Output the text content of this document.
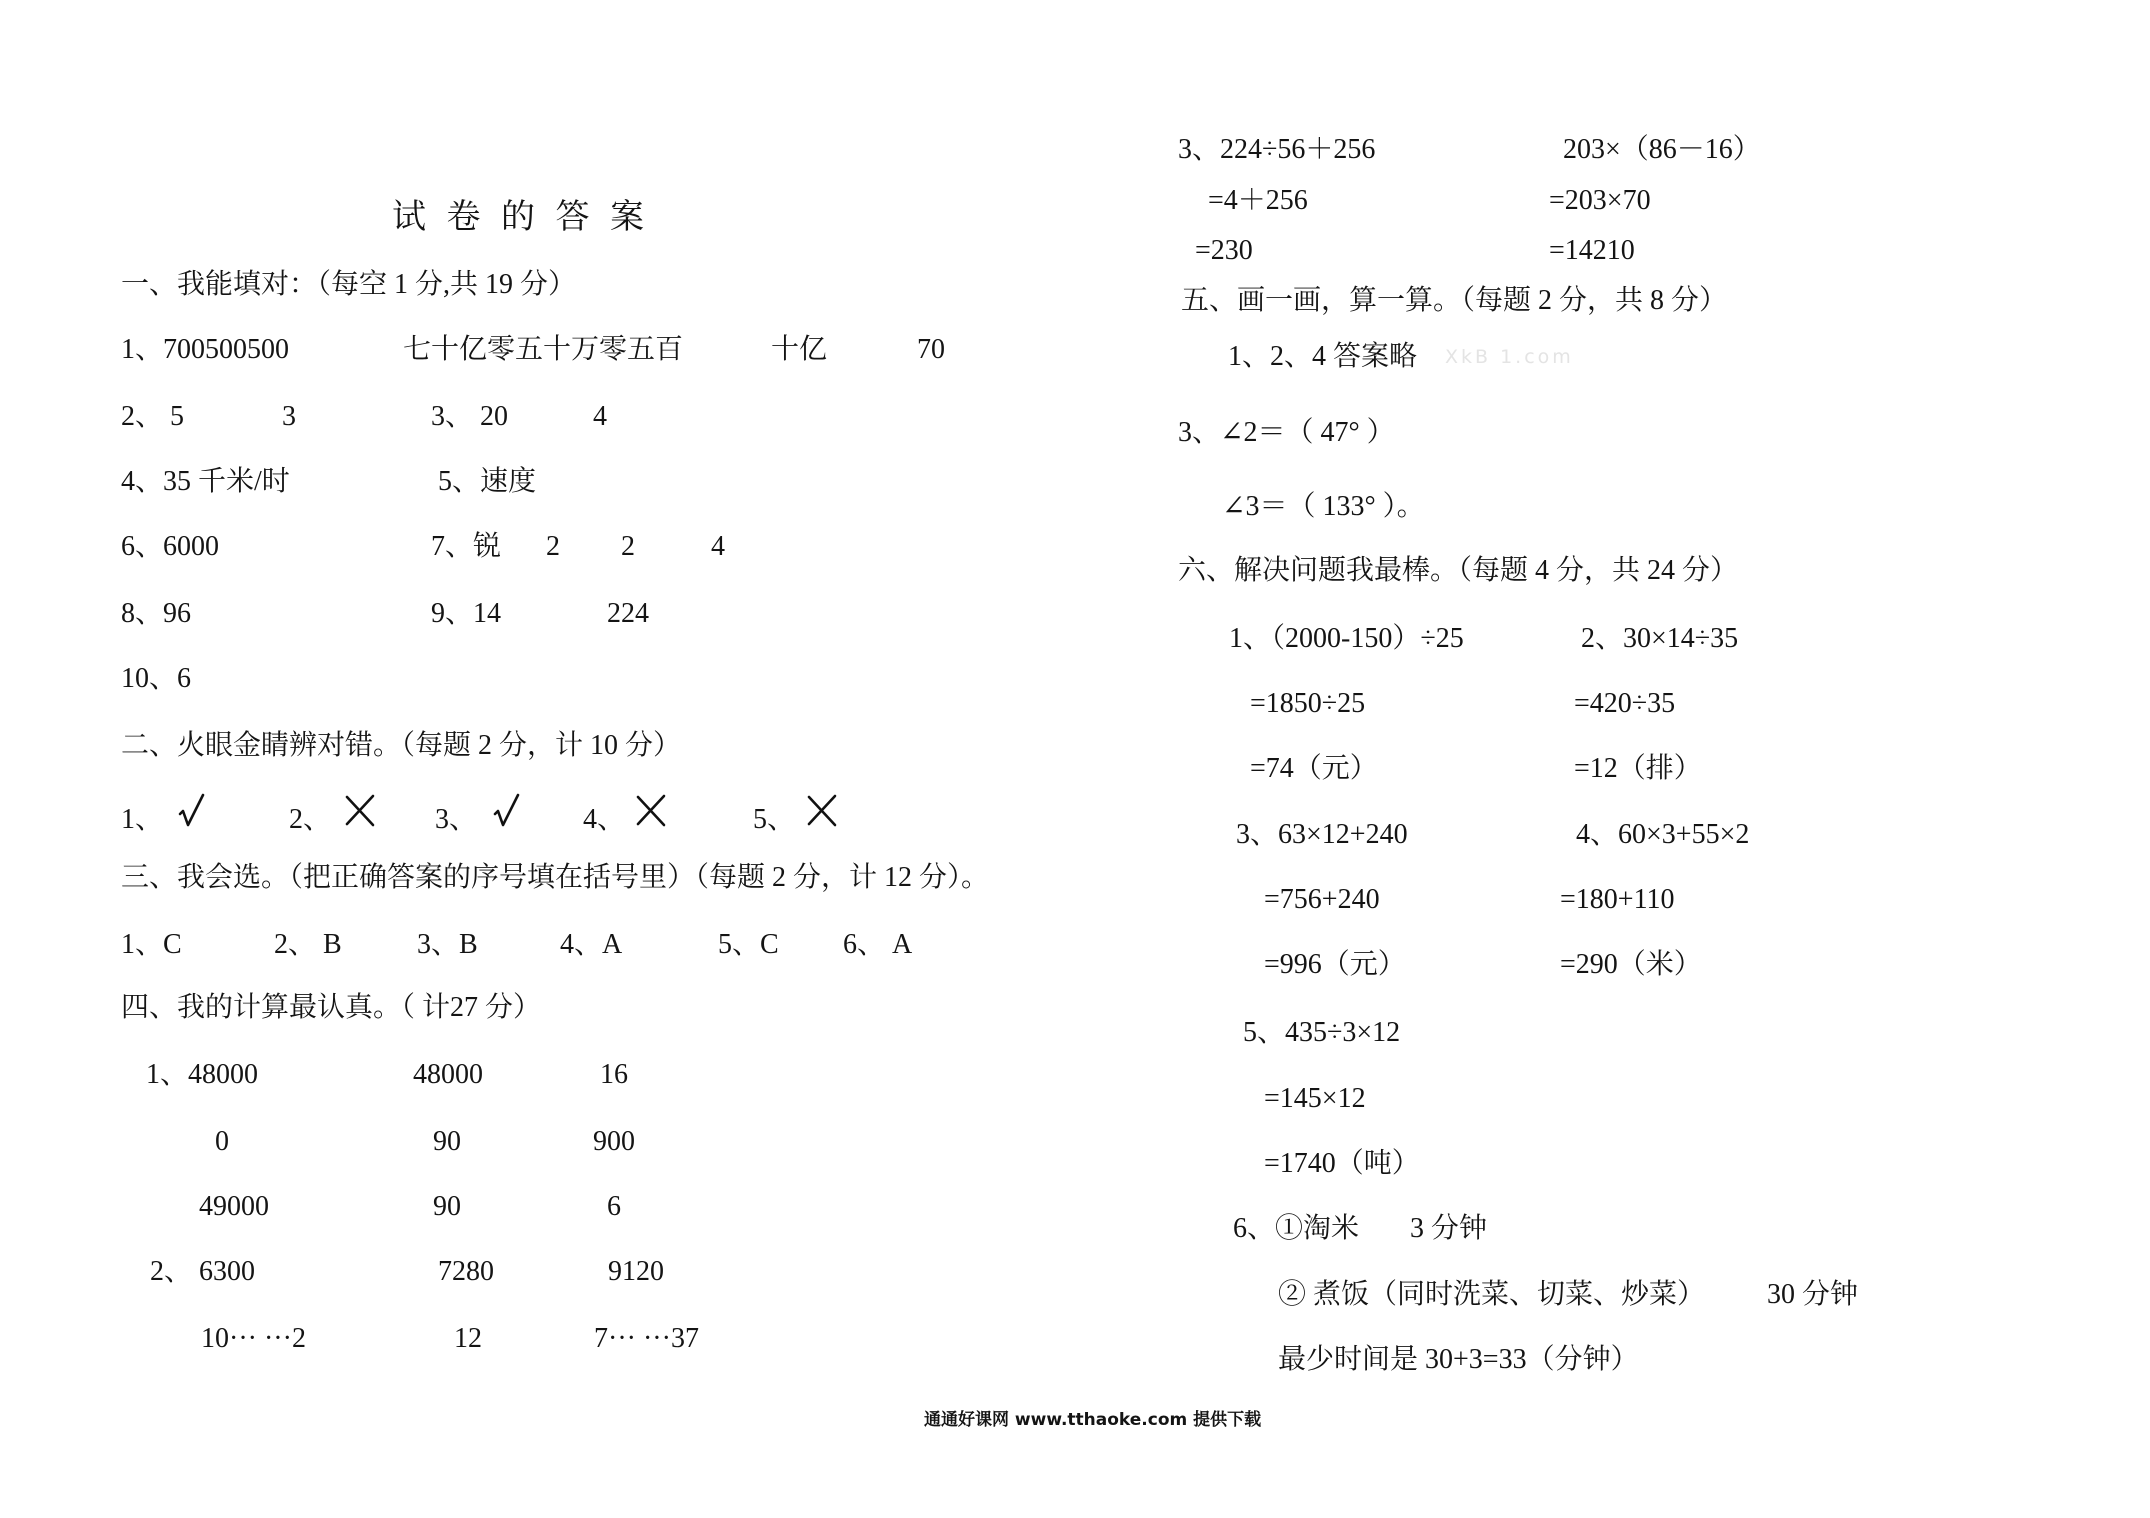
试 卷 的 答 案
一、我能填对：（每空 1 分,共 19 分）
1、700500500	七十亿零五十万零五百	十亿	70
2、 5	3	3、 20	4
4、35 千米/时	5、速度
6、6000	7、锐 2 2	4
8、96	9、14	224
10、6
二、火眼金睛辨对错。（每题 2 分，计 10 分）
1、	2、	3、	4、	5、
三、我会选。（把正确答案的序号填在括号里）（每题 2 分，计 12 分）。
1、C	2、 B	3、B	4、A	5、C 6、 A
四、我的计算最认真。（ 计27 分）
1、48000	48000	16
0	90	900
49000	90	6
2、 6300	7280	9120
10··· ···2	12	7··· ···37
3、224÷56＋256	203×（86－16）
=4＋256	=203×70
=230	=14210
五、画一画，算一算。（每题 2 分，共 8 分）
1、2、4 答案略 XkB 1.com
3、∠2＝（ 47° ）
∠3＝（ 133° ）。
六、解决问题我最棒。（每题 4 分，共 24 分）
1、（2000-150）÷25	2、30×14÷35
=1850÷25	=420÷35
=74（元）	=12（排）
3、63×12+240	4、60×3+55×2
=756+240	=180+110
=996（元）	=290（米）
5、435÷3×12
=145×12
=1740（吨）
6、①淘米 3 分钟
② 煮饭（同时洗菜、切菜、炒菜） 30 分钟
最少时间是 30+3=33（分钟）
通通好课网 www.tthaoke.com 提供下载
